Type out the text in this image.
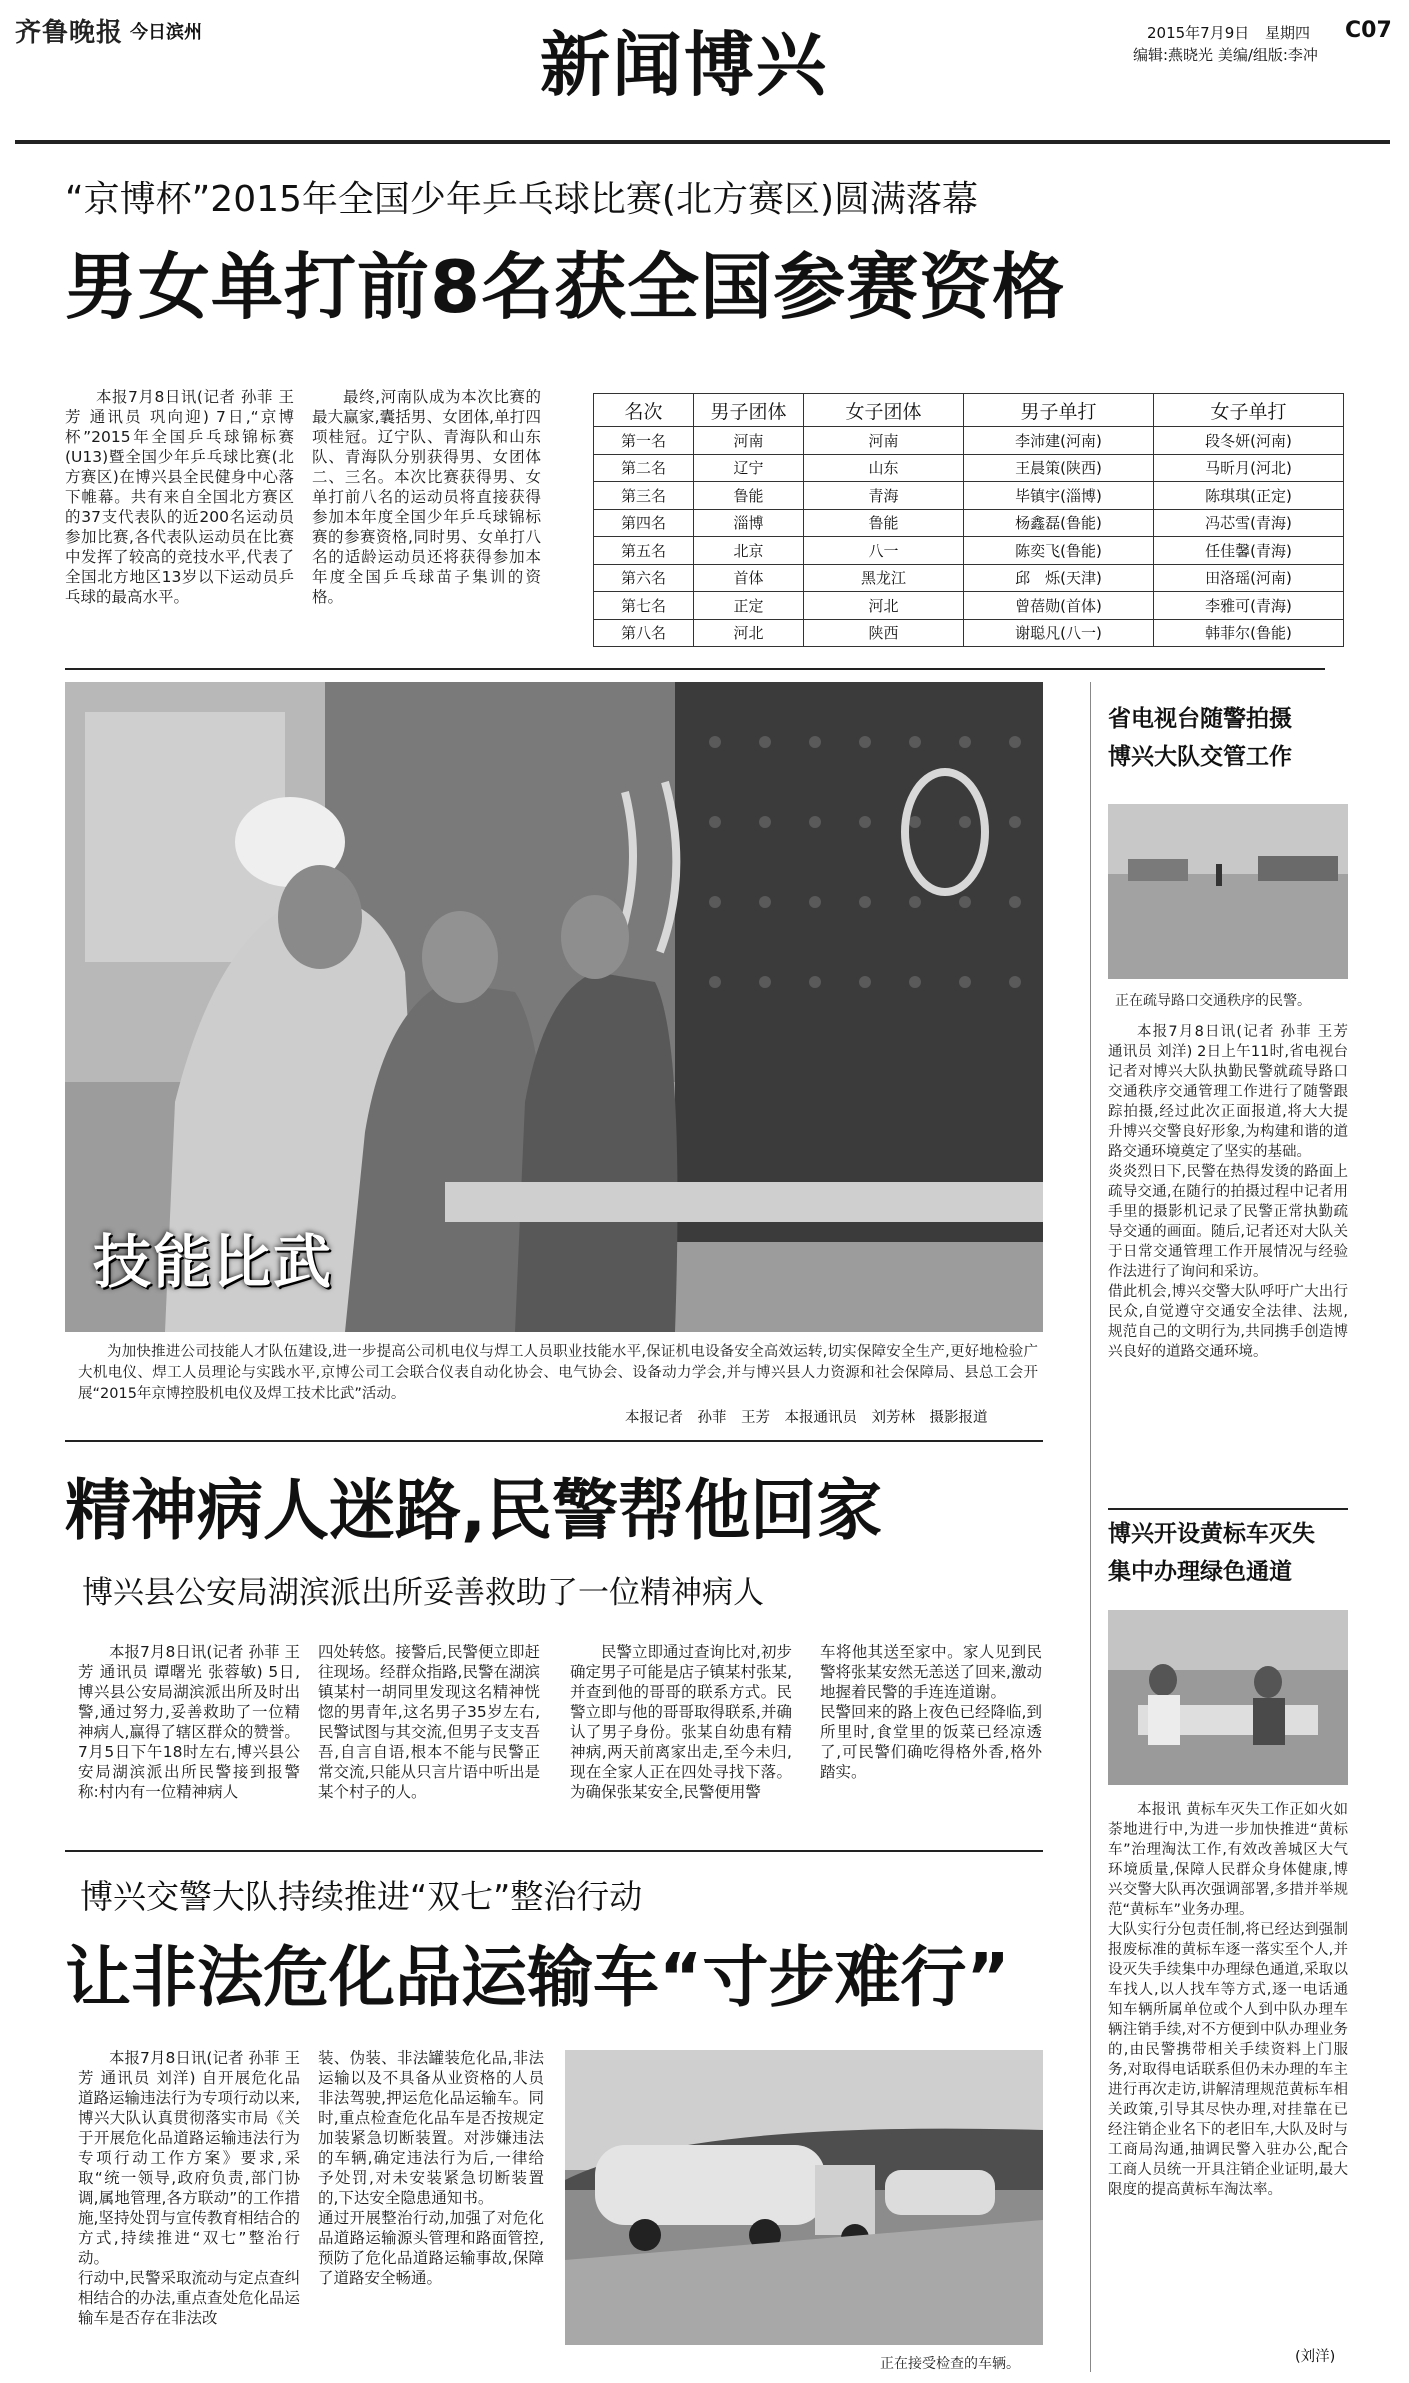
齐鲁晚报 今日滨州	新闻博兴	2015年7月9日 星期四 C07
编辑:燕晓光 美编/组版:李冲
“京博杯”2015年全国少年乒乓球比赛(北方赛区)圆满落幕
男女单打前8名获全国参赛资格

本报7月8日讯(记者 孙菲 王芳 通讯员 巩向迎) 7日,“京博杯”2015年全国乒乓球锦标赛(U13)暨全国少年乒乓球比赛(北方赛区)在博兴县全民健身中心落下帷幕。共有来自全国北方赛区的37支代表队的近200名运动员参加比赛,各代表队运动员在比赛中发挥了较高的竞技水平,代表了全国北方地区13岁以下运动员乒乓球的最高水平。

最终,河南队成为本次比赛的最大赢家,囊括男、女团体,单打四项桂冠。辽宁队、青海队和山东队、青海队分别获得男、女团体二、三名。本次比赛获得男、女单打前八名的运动员将直接获得参加本年度全国少年乒乓球锦标赛的参赛资格,同时男、女单打八名的适龄运动员还将获得参加本年度全国乒乓球苗子集训的资格。

名次	男子团体	女子团体	男子单打	女子单打
第一名	河南	河南	李沛建(河南)	段冬妍(河南)
第二名	辽宁	山东	王晨策(陕西)	马昕月(河北)
第三名	鲁能	青海	毕镇宇(淄博)	陈琪琪(正定)
第四名	淄博	鲁能	杨鑫磊(鲁能)	冯芯雪(青海)
第五名	北京	八一	陈奕飞(鲁能)	任佳馨(青海)
第六名	首体	黑龙江	邱　烁(天津)	田洛瑶(河南)
第七名	正定	河北	曾蓓勋(首体)	李雅可(青海)
第八名	河北	陕西	谢聪凡(八一)	韩菲尔(鲁能)
技能比武

为加快推进公司技能人才队伍建设,进一步提高公司机电仪与焊工人员职业技能水平,保证机电设备安全高效运转,切实保障安全生产,更好地检验广大机电仪、焊工人员理论与实践水平,京博公司工会联合仪表自动化协会、电气协会、设备动力学会,并与博兴县人力资源和社会保障局、县总工会开展“2015年京博控股机电仪及焊工技术比武”活动。

本报记者　孙菲　王芳　本报通讯员　刘芳林　摄影报道
精神病人迷路,民警帮他回家
博兴县公安局湖滨派出所妥善救助了一位精神病人

本报7月8日讯(记者 孙菲 王芳 通讯员 谭曙光 张蓉敏) 5日,博兴县公安局湖滨派出所及时出警,通过努力,妥善救助了一位精神病人,赢得了辖区群众的赞誉。
7月5日下午18时左右,博兴县公安局湖滨派出所民警接到报警称:村内有一位精神病人

四处转悠。接警后,民警便立即赶往现场。经群众指路,民警在湖滨镇某村一胡同里发现这名精神恍惚的男青年,这名男子35岁左右,民警试图与其交流,但男子支支吾吾,自言自语,根本不能与民警正常交流,只能从只言片语中听出是某个村子的人。

民警立即通过查询比对,初步确定男子可能是店子镇某村张某,并查到他的哥哥的联系方式。民警立即与他的哥哥取得联系,并确认了男子身份。张某自幼患有精神病,两天前离家出走,至今未归,现在全家人正在四处寻找下落。为确保张某安全,民警便用警

车将他其送至家中。家人见到民警将张某安然无恙送了回来,激动地握着民警的手连连道谢。
民警回来的路上夜色已经降临,到所里时,食堂里的饭菜已经凉透了,可民警们确吃得格外香,格外踏实。

博兴交警大队持续推进“双七”整治行动
让非法危化品运输车“寸步难行”

本报7月8日讯(记者 孙菲 王芳 通讯员 刘洋) 自开展危化品道路运输违法行为专项行动以来,博兴大队认真贯彻落实市局《关于开展危化品道路运输违法行为专项行动工作方案》要求,采取“统一领导,政府负责,部门协调,属地管理,各方联动”的工作措施,坚持处罚与宣传教育相结合的方式,持续推进“双七”整治行动。
行动中,民警采取流动与定点查纠相结合的办法,重点查处危化品运输车是否存在非法改

装、伪装、非法罐装危化品,非法运输以及不具备从业资格的人员非法驾驶,押运危化品运输车。同时,重点检查危化品车是否按规定加装紧急切断装置。对涉嫌违法的车辆,确定违法行为后,一律给予处罚,对未安装紧急切断装置的,下达安全隐患通知书。
通过开展整治行动,加强了对危化品道路运输源头管理和路面管控,预防了危化品道路运输事故,保障了道路安全畅通。

正在接受检查的车辆。
省电视台随警拍摄
博兴大队交管工作
正在疏导路口交通秩序的民警。

本报7月8日讯(记者 孙菲 王芳 通讯员 刘洋) 2日上午11时,省电视台记者对博兴大队执勤民警就疏导路口交通秩序交通管理工作进行了随警跟踪拍摄,经过此次正面报道,将大大提升博兴交警良好形象,为构建和谐的道路交通环境奠定了坚实的基础。
炎炎烈日下,民警在热得发烫的路面上疏导交通,在随行的拍摄过程中记者用手里的摄影机记录了民警正常执勤疏导交通的画面。随后,记者还对大队关于日常交通管理工作开展情况与经验作法进行了询问和采访。
借此机会,博兴交警大队呼吁广大出行民众,自觉遵守交通安全法律、法规,规范自己的文明行为,共同携手创造博兴良好的道路交通环境。

博兴开设黄标车灭失
集中办理绿色通道

本报讯 黄标车灭失工作正如火如荼地进行中,为进一步加快推进“黄标车”治理淘汰工作,有效改善城区大气环境质量,保障人民群众身体健康,博兴交警大队再次强调部署,多措并举规范“黄标车”业务办理。
大队实行分包责任制,将已经达到强制报废标准的黄标车逐一落实至个人,并设灭失手续集中办理绿色通道,采取以车找人,以人找车等方式,逐一电话通知车辆所属单位或个人到中队办理车辆注销手续,对不方便到中队办理业务的,由民警携带相关手续资料上门服务,对取得电话联系但仍未办理的车主进行再次走访,讲解清理规范黄标车相关政策,引导其尽快办理,对挂靠在已经注销企业名下的老旧车,大队及时与工商局沟通,抽调民警入驻办公,配合工商人员统一开具注销企业证明,最大限度的提高黄标车淘汰率。

(刘洋)
